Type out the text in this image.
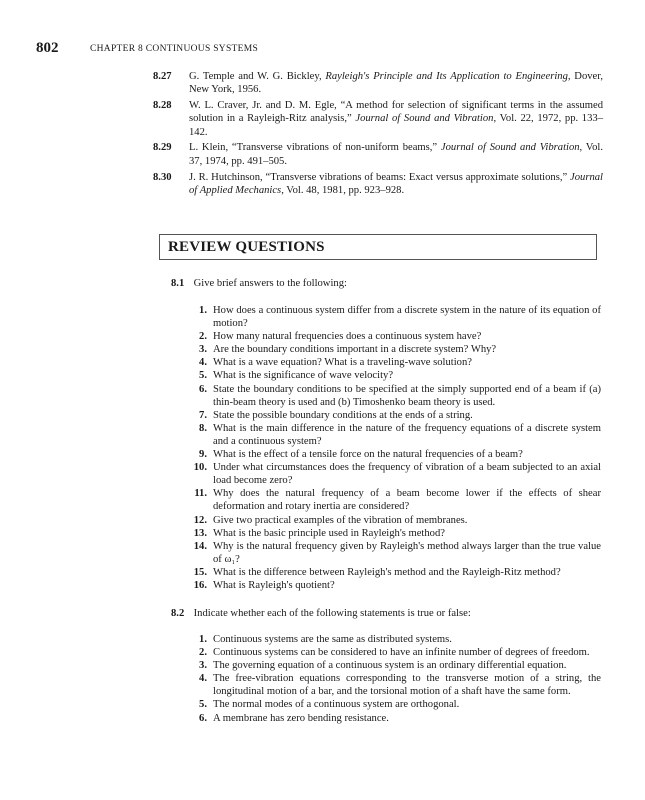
802	CHAPTER 8 CONTINUOUS SYSTEMS
8.27 G. Temple and W. G. Bickley, Rayleigh's Principle and Its Application to Engineering, Dover, New York, 1956.
8.28 W. L. Craver, Jr. and D. M. Egle, “A method for selection of significant terms in the assumed solution in a Rayleigh-Ritz analysis,” Journal of Sound and Vibration, Vol. 22, 1972, pp. 133–142.
8.29 L. Klein, “Transverse vibrations of non-uniform beams,” Journal of Sound and Vibration, Vol. 37, 1974, pp. 491–505.
8.30 J. R. Hutchinson, “Transverse vibrations of beams: Exact versus approximate solutions,” Journal of Applied Mechanics, Vol. 48, 1981, pp. 923–928.
REVIEW QUESTIONS
8.1 Give brief answers to the following:
1. How does a continuous system differ from a discrete system in the nature of its equation of motion?
2. How many natural frequencies does a continuous system have?
3. Are the boundary conditions important in a discrete system? Why?
4. What is a wave equation? What is a traveling-wave solution?
5. What is the significance of wave velocity?
6. State the boundary conditions to be specified at the simply supported end of a beam if (a) thin-beam theory is used and (b) Timoshenko beam theory is used.
7. State the possible boundary conditions at the ends of a string.
8. What is the main difference in the nature of the frequency equations of a discrete system and a continuous system?
9. What is the effect of a tensile force on the natural frequencies of a beam?
10. Under what circumstances does the frequency of vibration of a beam subjected to an axial load become zero?
11. Why does the natural frequency of a beam become lower if the effects of shear deformation and rotary inertia are considered?
12. Give two practical examples of the vibration of membranes.
13. What is the basic principle used in Rayleigh's method?
14. Why is the natural frequency given by Rayleigh's method always larger than the true value of ω₁?
15. What is the difference between Rayleigh's method and the Rayleigh-Ritz method?
16. What is Rayleigh's quotient?
8.2 Indicate whether each of the following statements is true or false:
1. Continuous systems are the same as distributed systems.
2. Continuous systems can be considered to have an infinite number of degrees of freedom.
3. The governing equation of a continuous system is an ordinary differential equation.
4. The free-vibration equations corresponding to the transverse motion of a string, the longitudinal motion of a bar, and the torsional motion of a shaft have the same form.
5. The normal modes of a continuous system are orthogonal.
6. A membrane has zero bending resistance.
